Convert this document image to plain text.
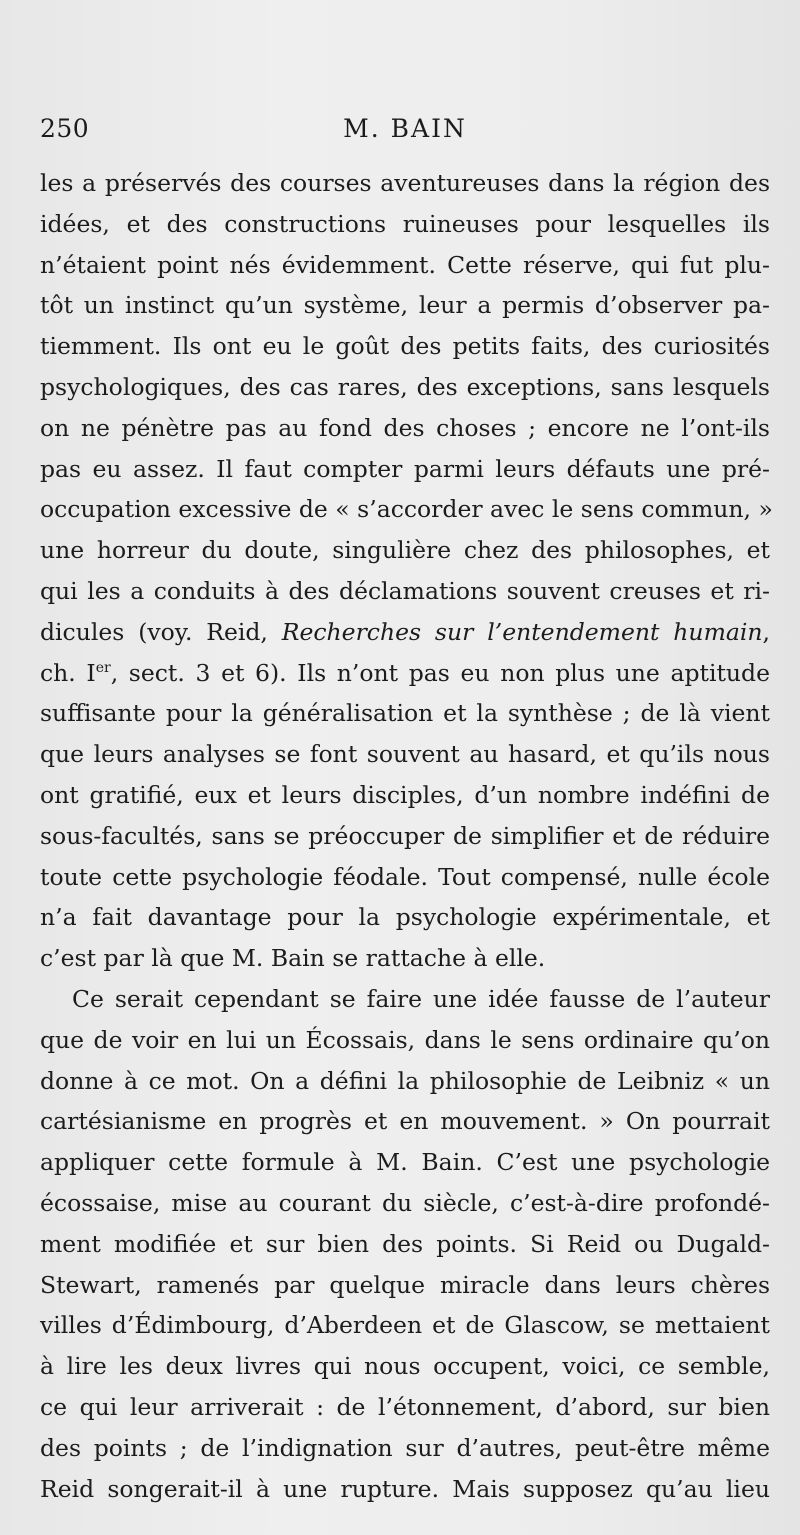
250	M. BAIN
les a préservés des courses aventureuses dans la région des
idées, et des constructions ruineuses pour lesquelles ils
n’étaient point nés évidemment. Cette réserve, qui fut plu-
tôt un instinct qu’un système, leur a permis d’observer pa-
tiemment. Ils ont eu le goût des petits faits, des curiosités
psychologiques, des cas rares, des exceptions, sans lesquels
on ne pénètre pas au fond des choses ; encore ne l’ont-ils
pas eu assez. Il faut compter parmi leurs défauts une pré-
occupation excessive de « s’accorder avec le sens commun, »
une horreur du doute, singulière chez des philosophes, et
qui les a conduits à des déclamations souvent creuses et ri-
dicules (voy. Reid, Recherches sur l’entendement humain,
ch. Ier, sect. 3 et 6). Ils n’ont pas eu non plus une aptitude
suffisante pour la généralisation et la synthèse ; de là vient
que leurs analyses se font souvent au hasard, et qu’ils nous
ont gratifié, eux et leurs disciples, d’un nombre indéfini de
sous-facultés, sans se préoccuper de simplifier et de réduire
toute cette psychologie féodale. Tout compensé, nulle école
n’a fait davantage pour la psychologie expérimentale, et
c’est par là que M. Bain se rattache à elle.
Ce serait cependant se faire une idée fausse de l’auteur
que de voir en lui un Écossais, dans le sens ordinaire qu’on
donne à ce mot. On a défini la philosophie de Leibniz « un
cartésianisme en progrès et en mouvement. » On pourrait
appliquer cette formule à M. Bain. C’est une psychologie
écossaise, mise au courant du siècle, c’est-à-dire profondé-
ment modifiée et sur bien des points. Si Reid ou Dugald-
Stewart, ramenés par quelque miracle dans leurs chères
villes d’Édimbourg, d’Aberdeen et de Glascow, se mettaient
à lire les deux livres qui nous occupent, voici, ce semble,
ce qui leur arriverait : de l’étonnement, d’abord, sur bien
des points ; de l’indignation sur d’autres, peut-être même
Reid songerait-il à une rupture. Mais supposez qu’au lieu
